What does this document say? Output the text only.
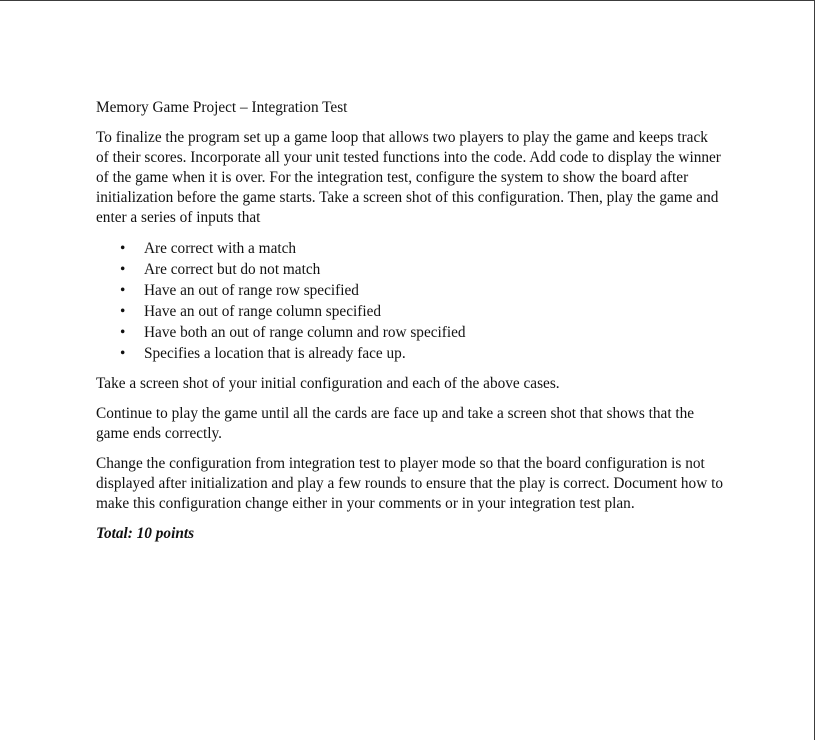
Memory Game Project – Integration Test

To finalize the program set up a game loop that allows two players to play the game and keeps track of their scores. Incorporate all your unit tested functions into the code. Add code to display the winner of the game when it is over. For the integration test, configure the system to show the board after initialization before the game starts. Take a screen shot of this configuration. Then, play the game and enter a series of inputs that

• Are correct with a match
• Are correct but do not match
• Have an out of range row specified
• Have an out of range column specified
• Have both an out of range column and row specified
• Specifies a location that is already face up.

Take a screen shot of your initial configuration and each of the above cases.

Continue to play the game until all the cards are face up and take a screen shot that shows that the game ends correctly.

Change the configuration from integration test to player mode so that the board configuration is not displayed after initialization and play a few rounds to ensure that the play is correct. Document how to make this configuration change either in your comments or in your integration test plan.

Total: 10 points
